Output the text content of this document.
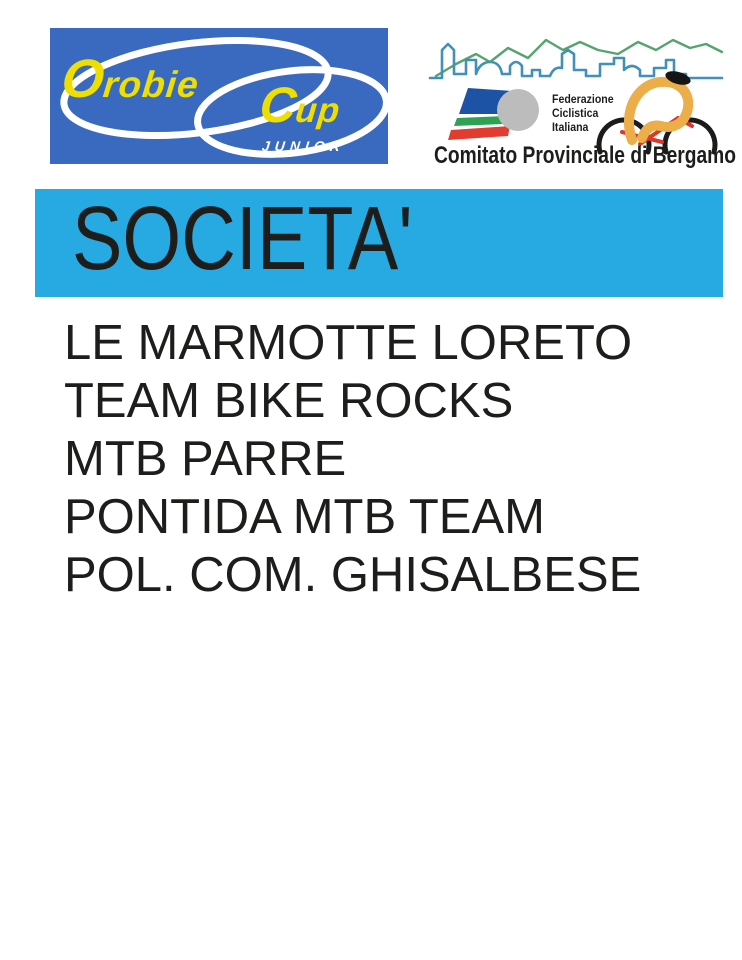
O
robie C
up
JUNIOR
Federazione
Ciclistica
Italiana
Comitato Provinciale di Bergamo
SOCIETA'
LE MARMOTTE LORETO
TEAM BIKE ROCKS
MTB PARRE
PONTIDA MTB TEAM
POL. COM. GHISALBESE
